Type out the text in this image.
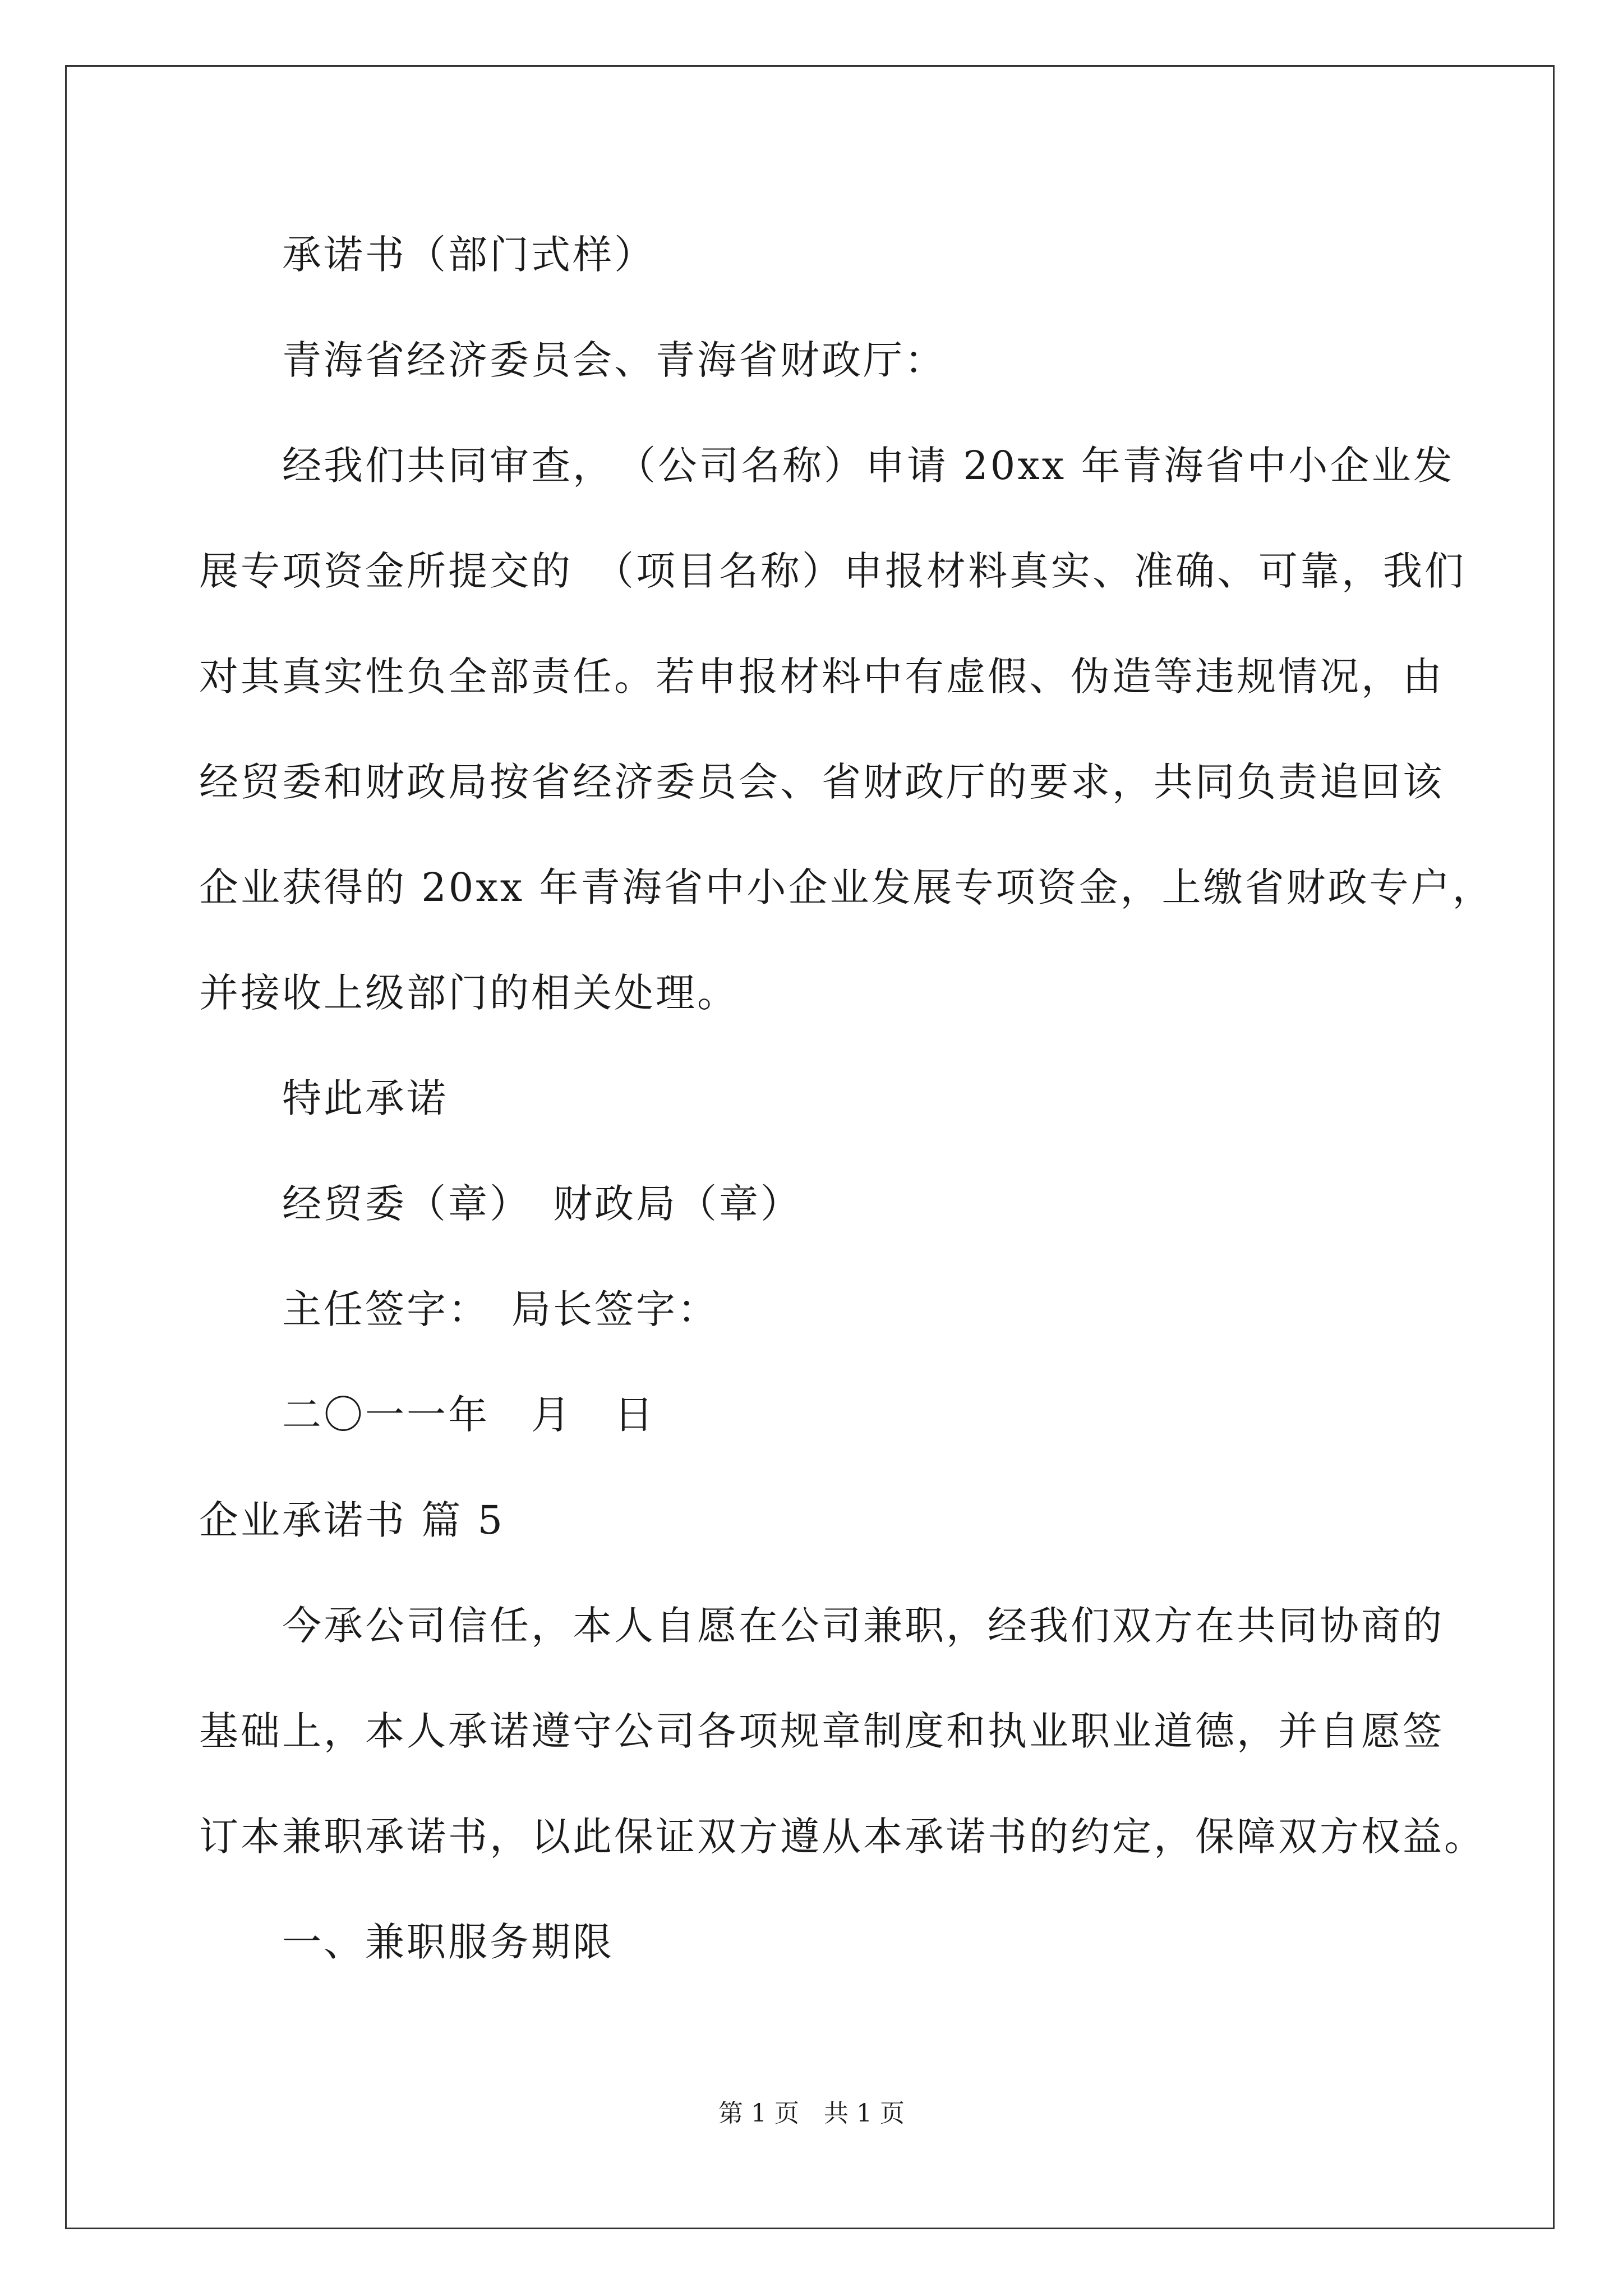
承诺书（部门式样）
青海省经济委员会、青海省财政厅：
经我们共同审查，　（公司名称）申请 20xx 年青海省中小企业发
展专项资金所提交的　（项目名称）申报材料真实、准确、可靠，我们
对其真实性负全部责任。若申报材料中有虚假、伪造等违规情况，由
经贸委和财政局按省经济委员会、省财政厅的要求，共同负责追回该
企业获得的 20xx 年青海省中小企业发展专项资金，上缴省财政专户，
并接收上级部门的相关处理。
特此承诺
经贸委（章）　财政局（章）
主任签字：　局长签字：
二〇一一年　月　日
企业承诺书 篇 5
今承公司信任，本人自愿在公司兼职，经我们双方在共同协商的
基础上，本人承诺遵守公司各项规章制度和执业职业道德，并自愿签
订本兼职承诺书，以此保证双方遵从本承诺书的约定，保障双方权益。
一、兼职服务期限
第 1 页　共 1 页
